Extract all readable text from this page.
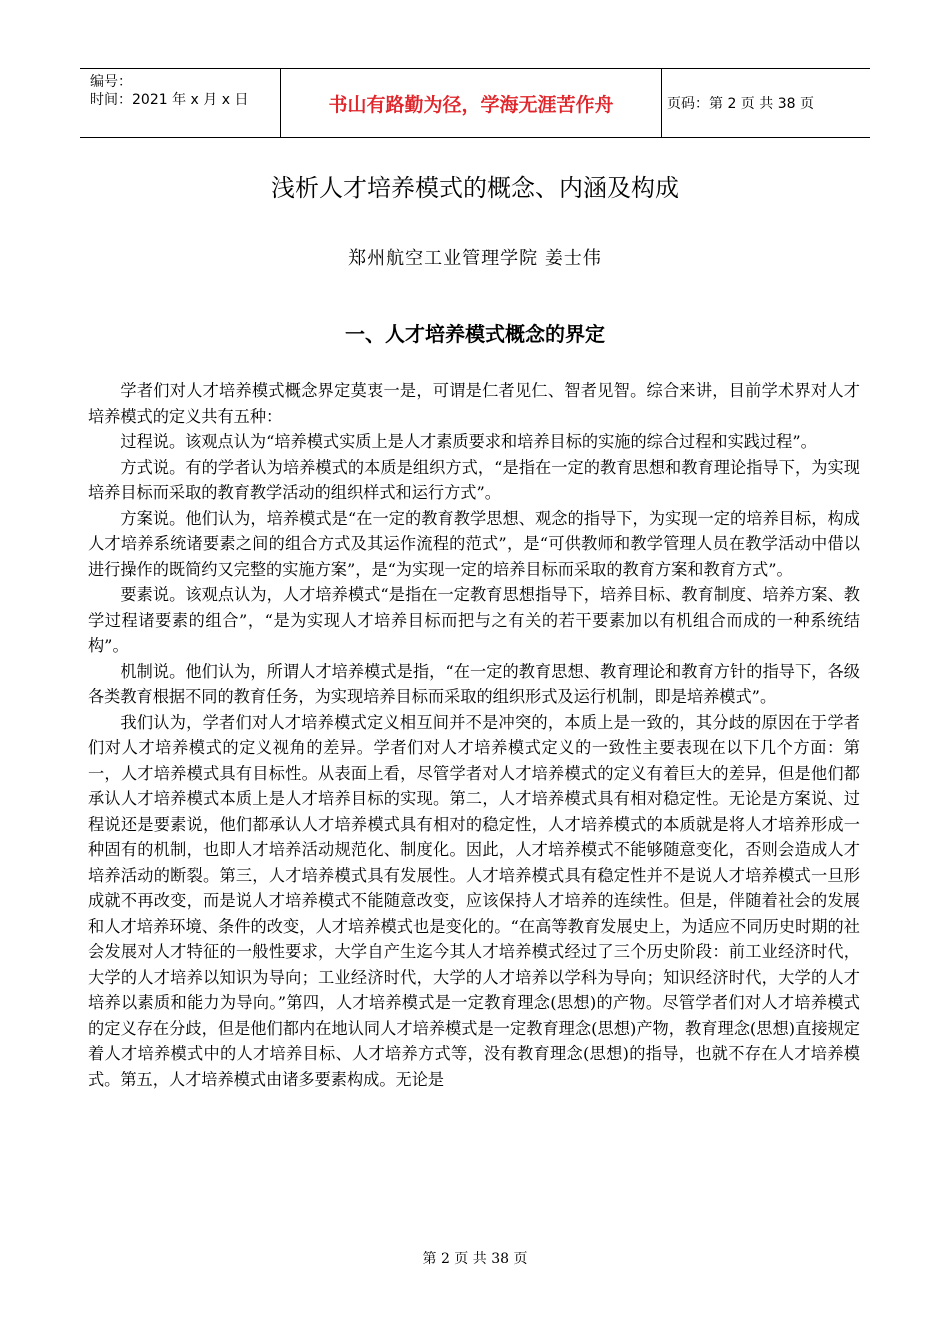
编号：
时间：2021 年 x 月 x 日	书山有路勤为径，学海无涯苦作舟	页码：第 2 页 共 38 页
浅析人才培养模式的概念、内涵及构成
郑州航空工业管理学院 姜士伟
一、人才培养模式概念的界定

学者们对人才培养模式概念界定莫衷一是，可谓是仁者见仁、智者见智。综合来讲，目前学术界对人才培养模式的定义共有五种：

过程说。该观点认为“培养模式实质上是人才素质要求和培养目标的实施的综合过程和实践过程”。

方式说。有的学者认为培养模式的本质是组织方式，“是指在一定的教育思想和教育理论指导下，为实现培养目标而采取的教育教学活动的组织样式和运行方式”。

方案说。他们认为，培养模式是“在一定的教育教学思想、观念的指导下，为实现一定的培养目标，构成人才培养系统诸要素之间的组合方式及其运作流程的范式”，是“可供教师和教学管理人员在教学活动中借以进行操作的既简约又完整的实施方案”，是“为实现一定的培养目标而采取的教育方案和教育方式”。

要素说。该观点认为，人才培养模式“是指在一定教育思想指导下，培养目标、教育制度、培养方案、教学过程诸要素的组合”，“是为实现人才培养目标而把与之有关的若干要素加以有机组合而成的一种系统结构”。

机制说。他们认为，所谓人才培养模式是指，“在一定的教育思想、教育理论和教育方针的指导下，各级各类教育根据不同的教育任务，为实现培养目标而采取的组织形式及运行机制，即是培养模式”。

我们认为，学者们对人才培养模式定义相互间并不是冲突的，本质上是一致的，其分歧的原因在于学者们对人才培养模式的定义视角的差异。学者们对人才培养模式定义的一致性主要表现在以下几个方面：第一，人才培养模式具有目标性。从表面上看，尽管学者对人才培养模式的定义有着巨大的差异，但是他们都承认人才培养模式本质上是人才培养目标的实现。第二，人才培养模式具有相对稳定性。无论是方案说、过程说还是要素说，他们都承认人才培养模式具有相对的稳定性，人才培养模式的本质就是将人才培养形成一种固有的机制，也即人才培养活动规范化、制度化。因此，人才培养模式不能够随意变化，否则会造成人才培养活动的断裂。第三，人才培养模式具有发展性。人才培养模式具有稳定性并不是说人才培养模式一旦形成就不再改变，而是说人才培养模式不能随意改变，应该保持人才培养的连续性。但是，伴随着社会的发展和人才培养环境、条件的改变，人才培养模式也是变化的。“在高等教育发展史上，为适应不同历史时期的社会发展对人才特征的一般性要求，大学自产生迄今其人才培养模式经过了三个历史阶段：前工业经济时代，大学的人才培养以知识为导向；工业经济时代，大学的人才培养以学科为导向；知识经济时代，大学的人才培养以素质和能力为导向。”第四，人才培养模式是一定教育理念(思想)的产物。尽管学者们对人才培养模式的定义存在分歧，但是他们都内在地认同人才培养模式是一定教育理念(思想)产物，教育理念(思想)直接规定着人才培养模式中的人才培养目标、人才培养方式等，没有教育理念(思想)的指导，也就不存在人才培养模式。第五，人才培养模式由诸多要素构成。无论是

第 2 页 共 38 页
